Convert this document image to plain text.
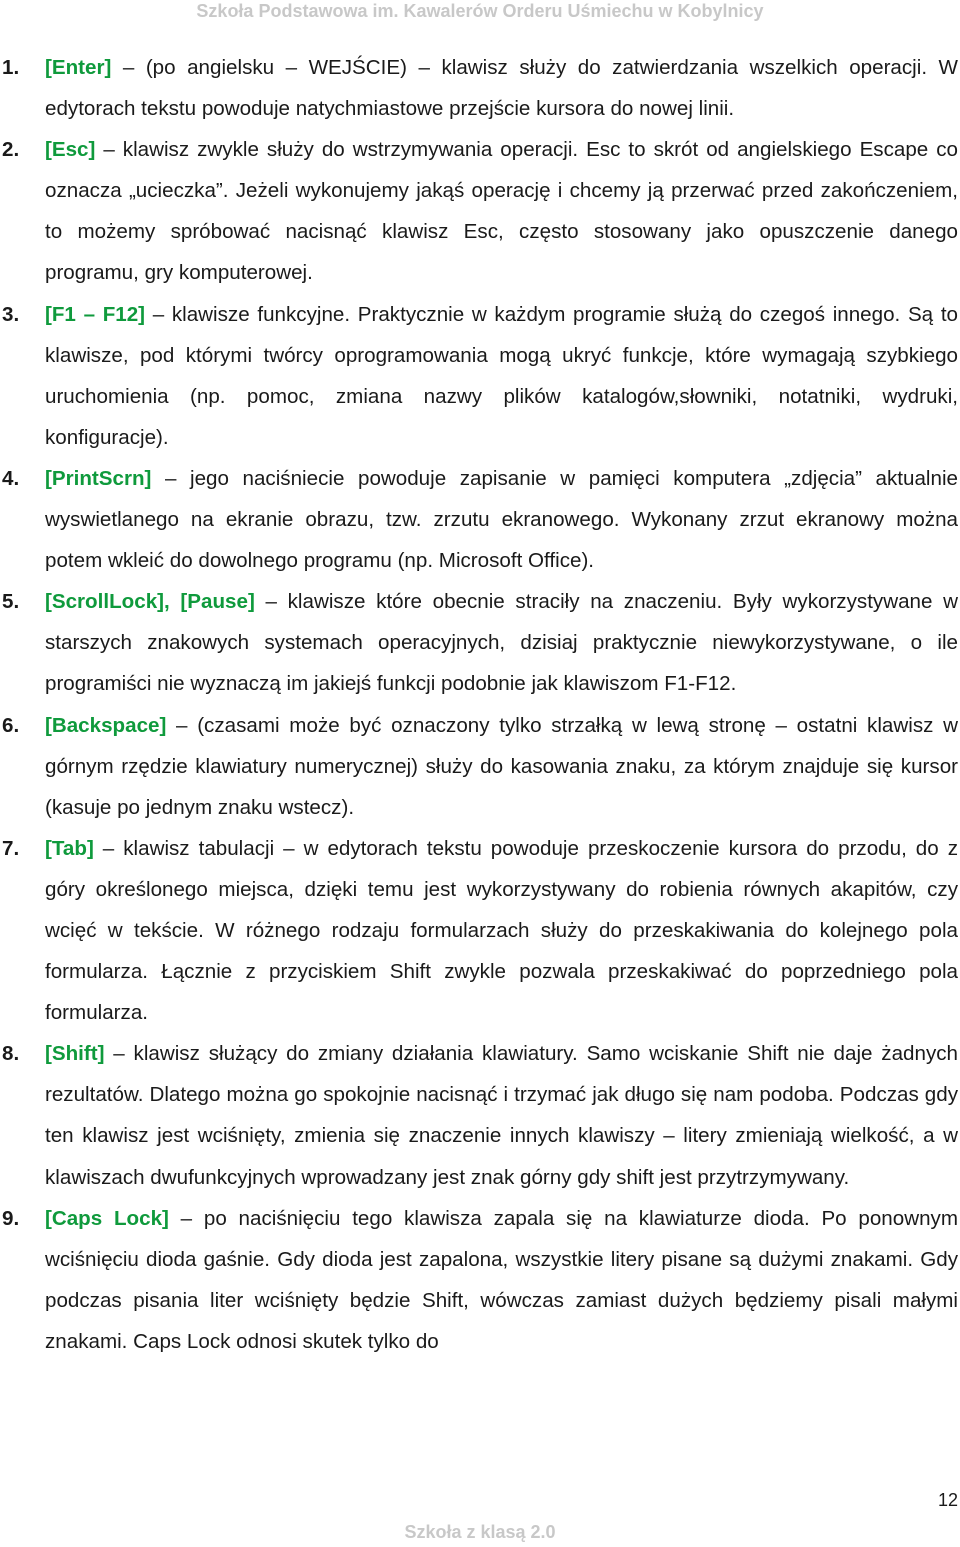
Szkoła Podstawowa im. Kawalerów Orderu Uśmiechu w Kobylnicy
1. [Enter] – (po angielsku – WEJŚCIE) – klawisz służy do zatwierdzania wszelkich operacji. W edytorach tekstu powoduje natychmiastowe przejście kursora do nowej linii.
2. [Esc] – klawisz zwykle służy do wstrzymywania operacji. Esc to skrót od angielskiego Escape co oznacza „ucieczka”. Jeżeli wykonujemy jakąś operację i chcemy ją przerwać przed zakończeniem, to możemy spróbować nacisnąć klawisz Esc, często stosowany jako opuszczenie danego programu, gry komputerowej.
3. [F1 – F12] – klawisze funkcyjne. Praktycznie w każdym programie służą do czegoś innego. Są to klawisze, pod którymi twórcy oprogramowania mogą ukryć funkcje, które wymagają szybkiego uruchomienia (np. pomoc, zmiana nazwy plików katalogów,słowniki, notatniki, wydruki, konfiguracje).
4. [PrintScrn] – jego naciśniecie powoduje zapisanie w pamięci komputera „zdjęcia” aktualnie wyswietlanego na ekranie obrazu, tzw. zrzutu ekranowego. Wykonany zrzut ekranowy można potem wkleić do dowolnego programu (np. Microsoft Office).
5. [ScrollLock], [Pause] – klawisze które obecnie straciły na znaczeniu. Były wykorzystywane w starszych znakowych systemach operacyjnych, dzisiaj praktycznie niewykorzystywane, o ile programiści nie wyznaczą im jakiejś funkcji podobnie jak klawiszom F1-F12.
6. [Backspace] – (czasami może być oznaczony tylko strzałką w lewą stronę – ostatni klawisz w górnym rzędzie klawiatury numerycznej) służy do kasowania znaku, za którym znajduje się kursor (kasuje po jednym znaku wstecz).
7. [Tab] – klawisz tabulacji – w edytorach tekstu powoduje przeskoczenie kursora do przodu, do z góry określonego miejsca, dzięki temu jest wykorzystywany do robienia równych akapitów, czy wcięć w tekście. W różnego rodzaju formularzach służy do przeskakiwania do kolejnego pola formularza. Łącznie z przyciskiem Shift zwykle pozwala przeskakiwać do poprzedniego pola formularza.
8. [Shift] – klawisz służący do zmiany działania klawiatury. Samo wciskanie Shift nie daje żadnych rezultatów. Dlatego można go spokojnie nacisnąć i trzymać jak długo się nam podoba. Podczas gdy ten klawisz jest wciśnięty, zmienia się znaczenie innych klawiszy – litery zmieniają wielkość, a w klawiszach dwufunkcyjnych wprowadzany jest znak górny gdy shift jest przytrzymywany.
9. [Caps Lock] – po naciśnięciu tego klawisza zapala się na klawiaturze dioda. Po ponownym wciśnięciu dioda gaśnie. Gdy dioda jest zapalona, wszystkie litery pisane są dużymi znakami. Gdy podczas pisania liter wciśnięty będzie Shift, wówczas zamiast dużych będziemy pisali małymi znakami. Caps Lock odnosi skutek tylko do
12
Szkoła z klasą 2.0
